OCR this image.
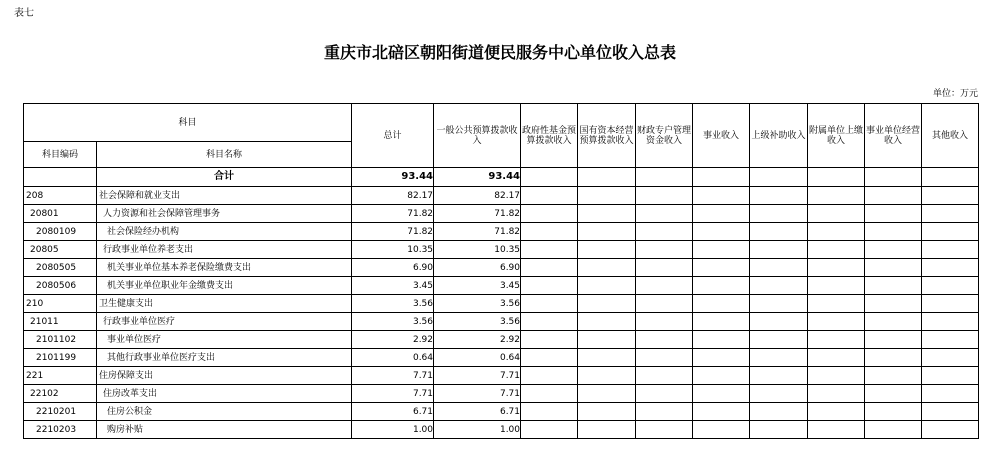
表七
重庆市北碚区朝阳街道便民服务中心单位收入总表
单位：万元
科目		总计	一般公共预算拨款收入	政府性基金预算拨款收入	国有资本经营预算拨款收入	财政专户管理资金收入	事业收入	上级补助收入	附属单位上缴收入	事业单位经营收入	其他收入
科目编码	科目名称										
	合计	93.44	93.44								
208	社会保障和就业支出	82.17	82.17								
20801	人力资源和社会保障管理事务	71.82	71.82								
2080109	社会保险经办机构	71.82	71.82								
20805	行政事业单位养老支出	10.35	10.35								
2080505	机关事业单位基本养老保险缴费支出	6.90	6.90								
2080506	机关事业单位职业年金缴费支出	3.45	3.45								
210	卫生健康支出	3.56	3.56								
21011	行政事业单位医疗	3.56	3.56								
2101102	事业单位医疗	2.92	2.92								
2101199	其他行政事业单位医疗支出	0.64	0.64								
221	住房保障支出	7.71	7.71								
22102	住房改革支出	7.71	7.71								
2210201	住房公积金	6.71	6.71								
2210203	购房补贴	1.00	1.00								
